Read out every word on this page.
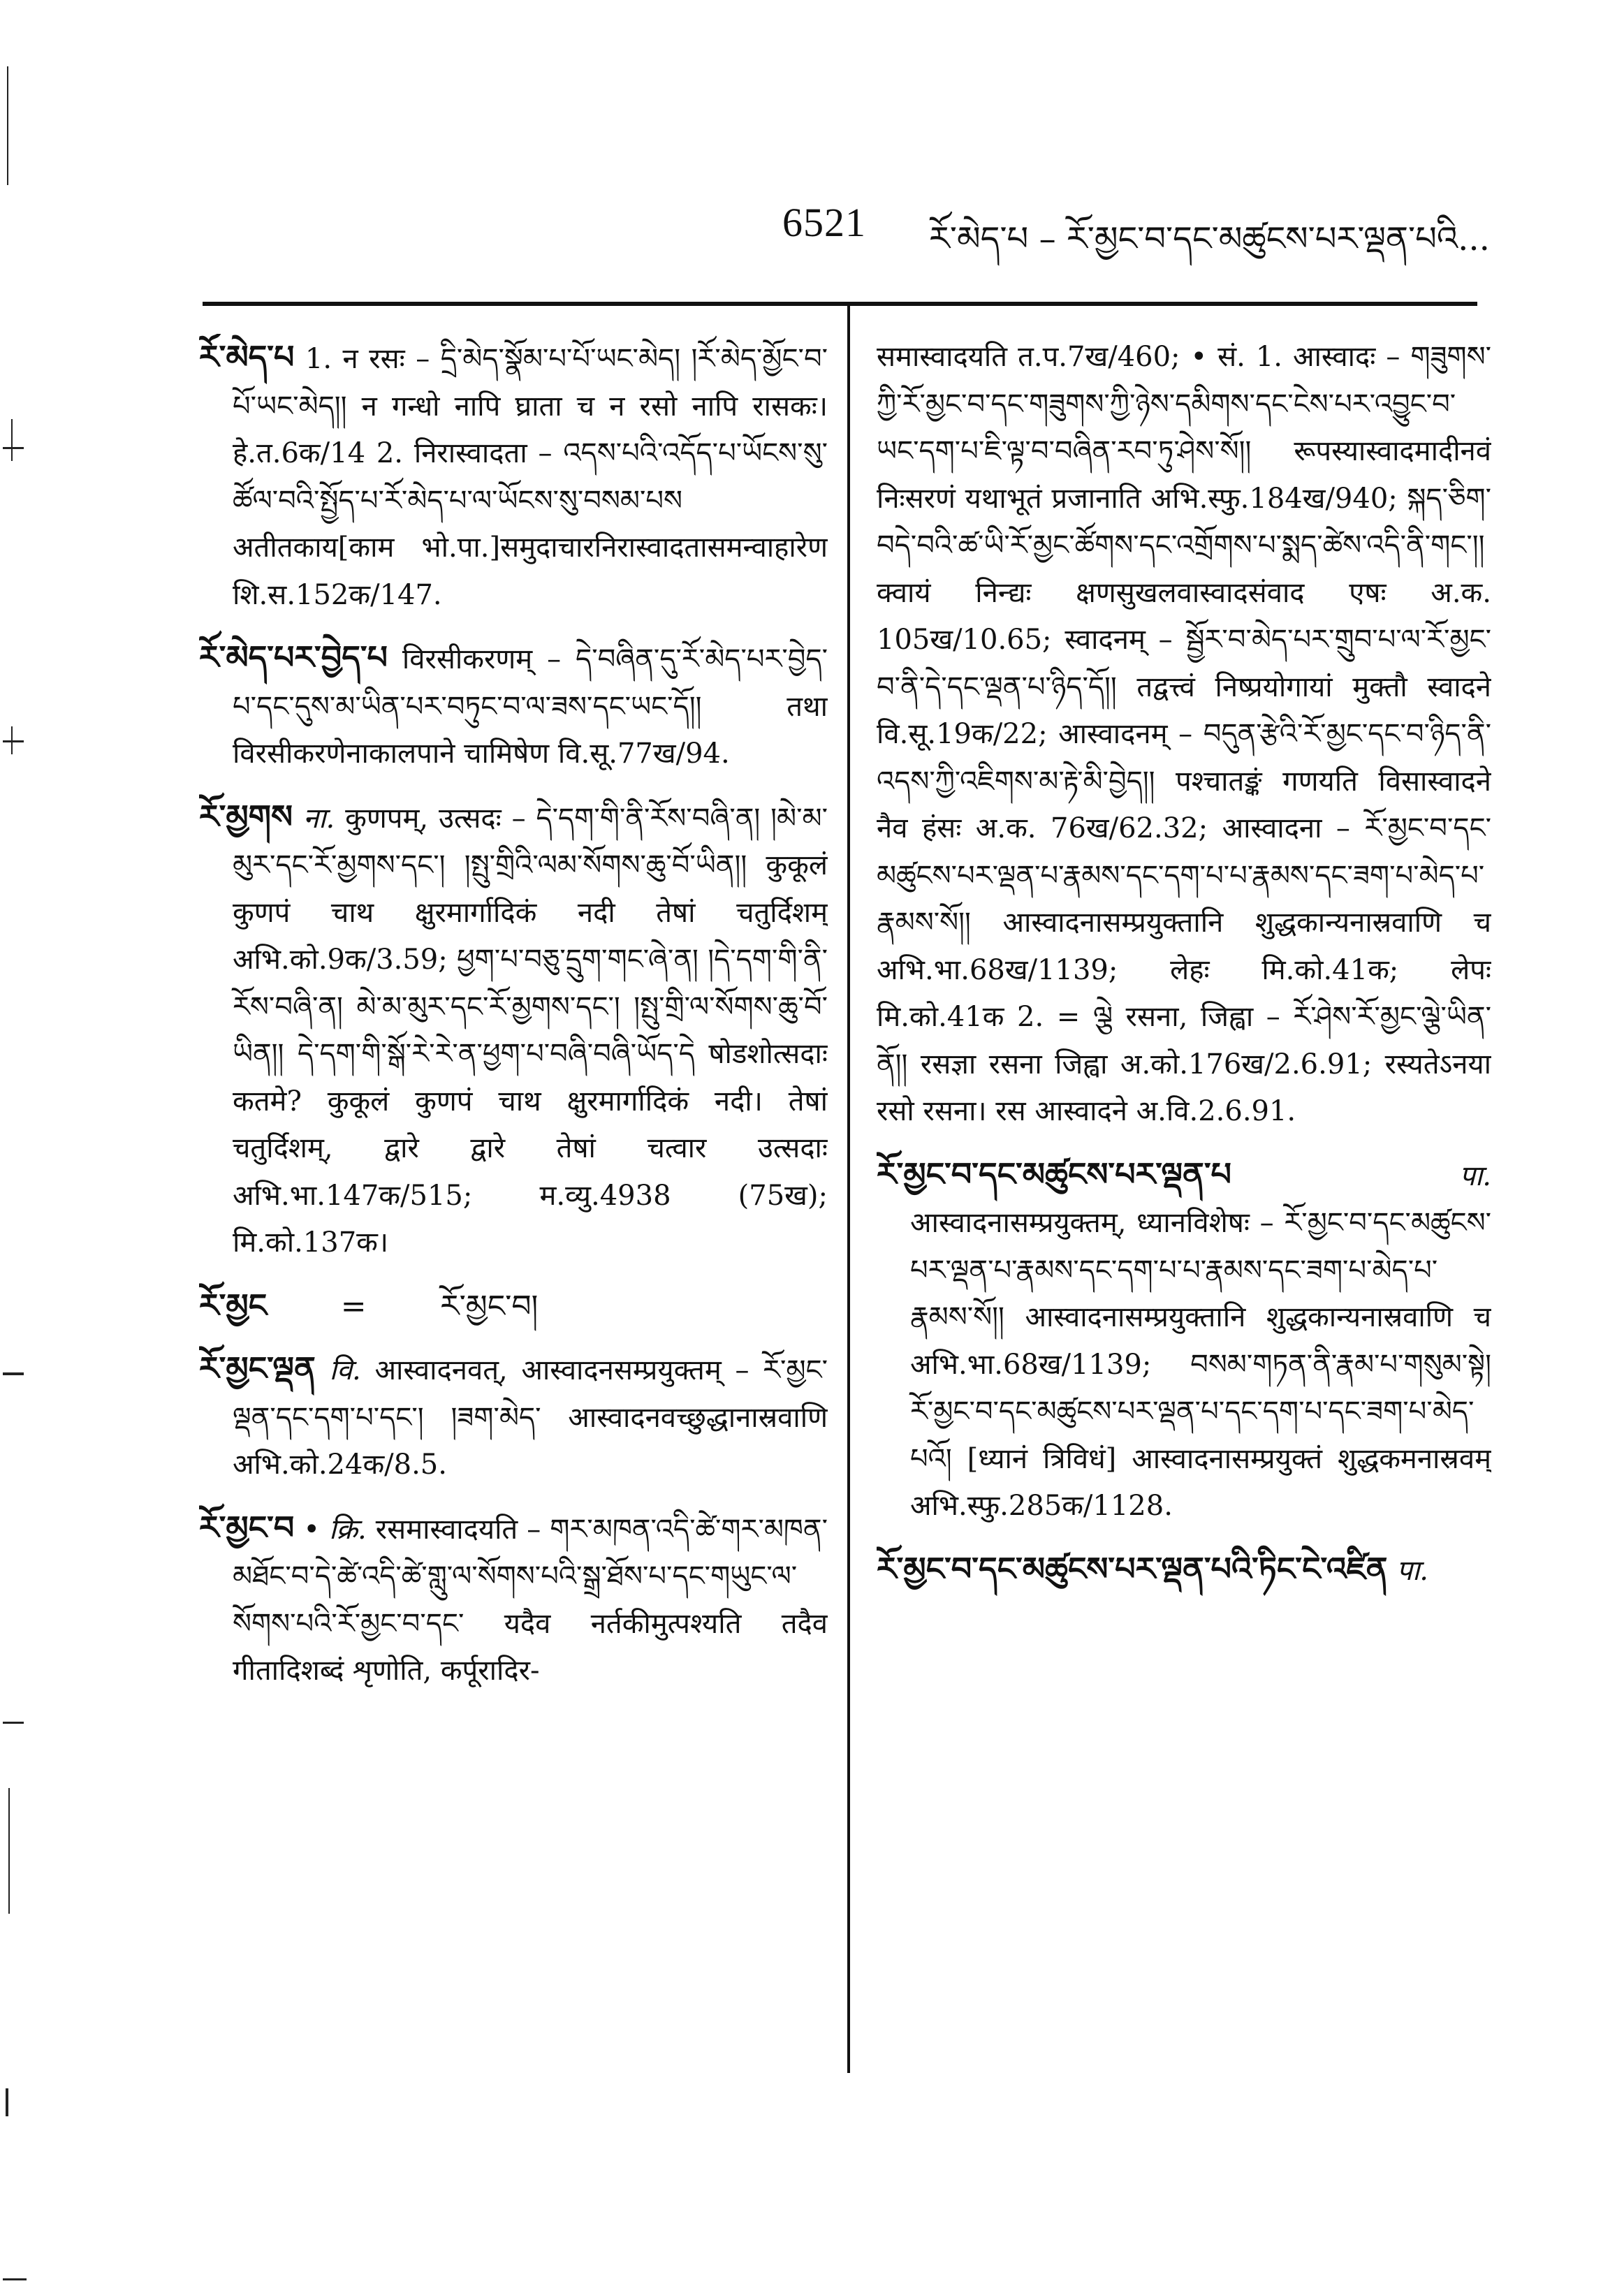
6521 རོ་མེད་པ – རོ་མྱང་བ་དང་མཚུངས་པར་ལྡན་པའི...
རོ་མེད་པ 1. न रसः – དྲི་མེད་སྣོམ་པ་པོ་ཡང་མེད། །རོ་མེད་མྱོང་བ་པོ་ཡང་མེད།། न गन्धो नापि घ्राता च न रसो नापि रासकः। हे.त.6क/14 2. निरास्वादता – འདས་པའི་འདོད་པ་ཡོངས་སུ་ཚོལ་བའི་སྤྱོད་པ་རོ་མེད་པ་ལ་ཡོངས་སུ་བསམ་པས अतीतकाय[काम भो.पा.]समुदाचारनिरास्वादतासमन्वाहारेण शि.स.152क/147.
རོ་མེད་པར་བྱེད་པ विरसीकरणम् – དེ་བཞིན་དུ་རོ་མེད་པར་བྱེད་པ་དང་དུས་མ་ཡིན་པར་བཏུང་བ་ལ་ཟས་དང་ཡང་དོ།། तथा विरसीकरणेनाकालपाने चामिषेण वि.सू.77ख/94.
རོ་མྱགས ना. कुणपम्, उत्सदः – དེ་དག་གི་ནི་རོས་བཞི་ན། །མེ་མ་མུར་དང་རོ་མྱགས་དང་། །སྤུ་གྲིའི་ལམ་སོགས་ཆུ་བོ་ཡིན།། कुकूलं कुणपं चाथ क्षुरमार्गादिकं नदी तेषां चतुर्दिशम् अभि.को.9क/3.59; ཕྱག་པ་བཅུ་དྲུག་གང་ཞེ་ན། །དེ་དག་གི་ནི་རོས་བཞི་ན། མེ་མ་མུར་དང་རོ་མྱགས་དང་། །སྤུ་གྲི་ལ་སོགས་ཆུ་བོ་ཡིན།། དེ་དག་གི་སྒོ་རེ་རེ་ན་ཕྱག་པ་བཞི་བཞི་ཡོད་དེ षोडशोत्सदाः कतमे? कुकूलं कुणपं चाथ क्षुरमार्गादिकं नदी। तेषां चतुर्दिशम्, द्वारे द्वारे तेषां चत्वार उत्सदाः अभि.भा.147क/515; म.व्यु.4938 (75ख); मि.को.137क।
རོ་མྱང = རོ་མྱང་བ།
རོ་མྱང་ལྡན वि. आस्वादनवत्, आस्वादनसम्प्रयुक्तम् – རོ་མྱང་ལྡན་དང་དག་པ་དང་། །ཟག་མེད་ आस्वादनवच्छुद्धानास्रवाणि अभि.को.24क/8.5.
རོ་མྱང་བ • क्रि. रसमास्वादयति – གར་མཁན་འདི་ཚེ་གར་མཁན་མཐོང་བ་དེ་ཚེ་འདི་ཚེ་གླུ་ལ་སོགས་པའི་སྒྲ་ཐོས་པ་དང་གཡུང་ལ་སོགས་པའི་རོ་མྱང་བ་དང་ यदैव नर्तकीमुत्पश्यति तदैव गीतादिशब्दं शृणोति, कर्पूरादिर-
समास्वादयति त.प.7ख/460; • सं. 1. आस्वादः – གཟུགས་ཀྱི་རོ་མྱང་བ་དང་གཟུགས་ཀྱི་ཉེས་དམིགས་དང་ངེས་པར་འབྱུང་བ་ཡང་དག་པ་ཇི་ལྟ་བ་བཞིན་རབ་ཏུ་ཤེས་སོ།། रूपस्यास्वादमादीनवं निःसरणं यथाभूतं प्रजानाति अभि.स्फु.184ख/940; སྐད་ཅིག་བདེ་བའི་ཚ་ཡི་རོ་མྱང་ཚོགས་དང་འགྲོགས་པ་སྨད་ཚེས་འདི་ནི་གང་།། क्वायं निन्द्यः क्षणसुखलवास्वादसंवाद एषः अ.क. 105ख/10.65; स्वादनम् – སྦྱོར་བ་མེད་པར་གྲུབ་པ་ལ་རོ་མྱང་བ་ནི་དེ་དང་ལྡན་པ་ཉིད་དོ།། तद्वत्त्वं निष्प्रयोगायां मुक्तौ स्वादने वि.सू.19क/22; आस्वादनम् – བདུན་རྩེའི་རོ་མྱང་དང་བ་ཉིད་ནི་འདས་ཀྱི་འཇིགས་མ་རྟེ་མི་བྱེད།། पश्चातङ्कं गणयति विसास्वादने नैव हंसः अ.क. 76ख/62.32; आस्वादना – རོ་མྱང་བ་དང་མཚུངས་པར་ལྡན་པ་རྣམས་དང་དག་པ་པ་རྣམས་དང་ཟག་པ་མེད་པ་རྣམས་སོ།། आस्वादनासम्प्रयुक्तानि शुद्धकान्यनास्रवाणि च अभि.भा.68ख/1139; लेहः मि.को.41क; लेपः मि.को.41क 2. = ལྕེ रसना, जिह्वा – རོ་ཤེས་རོ་མྱང་ལྕེ་ཡིན་ནོ།། रसज्ञा रसना जिह्वा अ.को.176ख/2.6.91; रस्यतेऽनया रसो रसना। रस आस्वादने अ.वि.2.6.91.
རོ་མྱང་བ་དང་མཚུངས་པར་ལྡན་པ	पा. आस्वादनासम्प्रयुक्तम्, ध्यानविशेषः – རོ་མྱང་བ་དང་མཚུངས་པར་ལྡན་པ་རྣམས་དང་དག་པ་པ་རྣམས་དང་ཟག་པ་མེད་པ་རྣམས་སོ།། आस्वादनासम्प्रयुक्तानि शुद्धकान्यनास्रवाणि च अभि.भा.68ख/1139; བསམ་གཏན་ནི་རྣམ་པ་གསུམ་སྟེ། རོ་མྱང་བ་དང་མཚུངས་པར་ལྡན་པ་དང་དག་པ་དང་ཟག་པ་མེད་པའོ། [ध्यानं त्रिविधं] आस्वादनासम्प्रयुक्तं शुद्धकमनास्रवम् अभि.स्फु.285क/1128.
རོ་མྱང་བ་དང་མཚུངས་པར་ལྡན་པའི་ཏིང་ངེ་འཛིན पा.
